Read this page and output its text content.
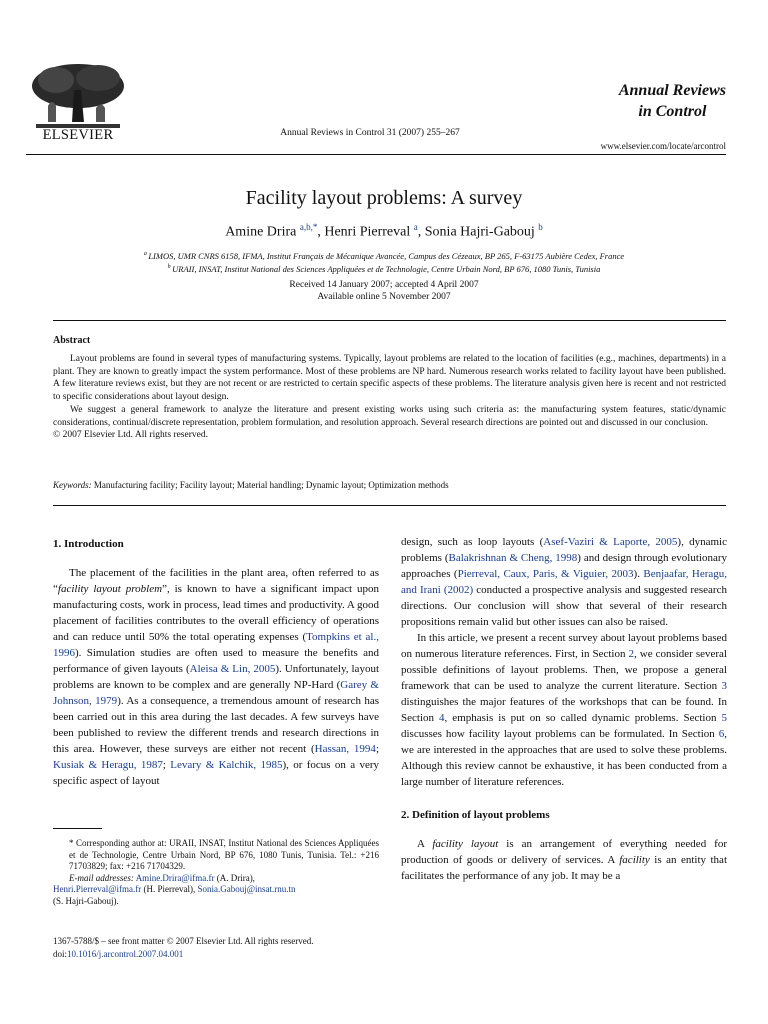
ELSEVIER	Annual Reviews in Control 31 (2007) 255–267
Annual Reviews
in Control
www.elsevier.com/locate/arcontrol
Facility layout problems: A survey
Amine Drira $^{a,b,*}$, Henri Pierreval $^a$, Sonia Hajri-Gabouj $^b$
$^a$ LIMOS, UMR CNRS 6158, IFMA, Institut Français de Mécanique Avancée, Campus des Cézeaux, BP 265, F-63175 Aubière Cedex, France
$^b$ URAII, INSAT, Institut National des Sciences Appliquées et de Technologie, Centre Urbain Nord, BP 676, 1080 Tunis, Tunisia
Received 14 January 2007; accepted 4 April 2007
Available online 5 November 2007
Abstract

Layout problems are found in several types of manufacturing systems. Typically, layout problems are related to the location of facilities (e.g., machines, departments) in a plant. They are known to greatly impact the system performance. Most of these problems are NP hard. Numerous research works related to facility layout have been published. A few literature reviews exist, but they are not recent or are restricted to certain specific aspects of these problems. The literature analysis given here is recent and not restricted to specific considerations about layout design.

We suggest a general framework to analyze the literature and present existing works using such criteria as: the manufacturing system features, static/dynamic considerations, continual/discrete representation, problem formulation, and resolution approach. Several research directions are pointed out and discussed in our conclusion.

© 2007 Elsevier Ltd. All rights reserved.

Keywords: Manufacturing facility; Facility layout; Material handling; Dynamic layout; Optimization methods

1. Introduction

The placement of the facilities in the plant area, often referred to as “facility layout problem”, is known to have a significant impact upon manufacturing costs, work in process, lead times and productivity. A good placement of facilities contributes to the overall efficiency of operations and can reduce until 50% the total operating expenses (Tompkins et al., 1996). Simulation studies are often used to measure the benefits and performance of given layouts (Aleisa & Lin, 2005). Unfortunately, layout problems are known to be complex and are generally NP-Hard (Garey & Johnson, 1979). As a consequence, a tremendous amount of research has been carried out in this area during the last decades. A few surveys have been published to review the different trends and research directions in this area. However, these surveys are either not recent (Hassan, 1994; Kusiak & Heragu, 1987; Levary & Kalchik, 1985), or focus on a very specific aspect of layout

design, such as loop layouts (Asef-Vaziri & Laporte, 2005), dynamic problems (Balakrishnan & Cheng, 1998) and design through evolutionary approaches (Pierreval, Caux, Paris, & Viguier, 2003). Benjaafar, Heragu, and Irani (2002) conducted a prospective analysis and suggested research directions. Our conclusion will show that several of their research propositions remain valid but other issues can also be raised.

In this article, we present a recent survey about layout problems based on numerous literature references. First, in Section 2, we consider several possible definitions of layout problems. Then, we propose a general framework that can be used to analyze the current literature. Section 3 distinguishes the major features of the workshops that can be found. In Section 4, emphasis is put on so called dynamic problems. Section 5 discusses how facility layout problems can be formulated. In Section 6, we are interested in the approaches that are used to solve these problems. Although this review cannot be exhaustive, it has been conducted from a large number of literature references.

2. Definition of layout problems

A facility layout is an arrangement of everything needed for production of goods or delivery of services. A facility is an entity that facilitates the performance of any job. It may be a

* Corresponding author at: URAII, INSAT, Institut National des Sciences Appliquées et de Technologie, Centre Urbain Nord, BP 676, 1080 Tunis, Tunisia. Tel.: +216 71703829; fax: +216 71704329.

E-mail addresses: Amine.Drira@ifma.fr (A. Drira),

Henri.Pierreval@ifma.fr (H. Pierreval), Sonia.Gabouj@insat.rnu.tn

(S. Hajri-Gabouj).

1367-5788/$ – see front matter © 2007 Elsevier Ltd. All rights reserved.
doi:10.1016/j.arcontrol.2007.04.001
